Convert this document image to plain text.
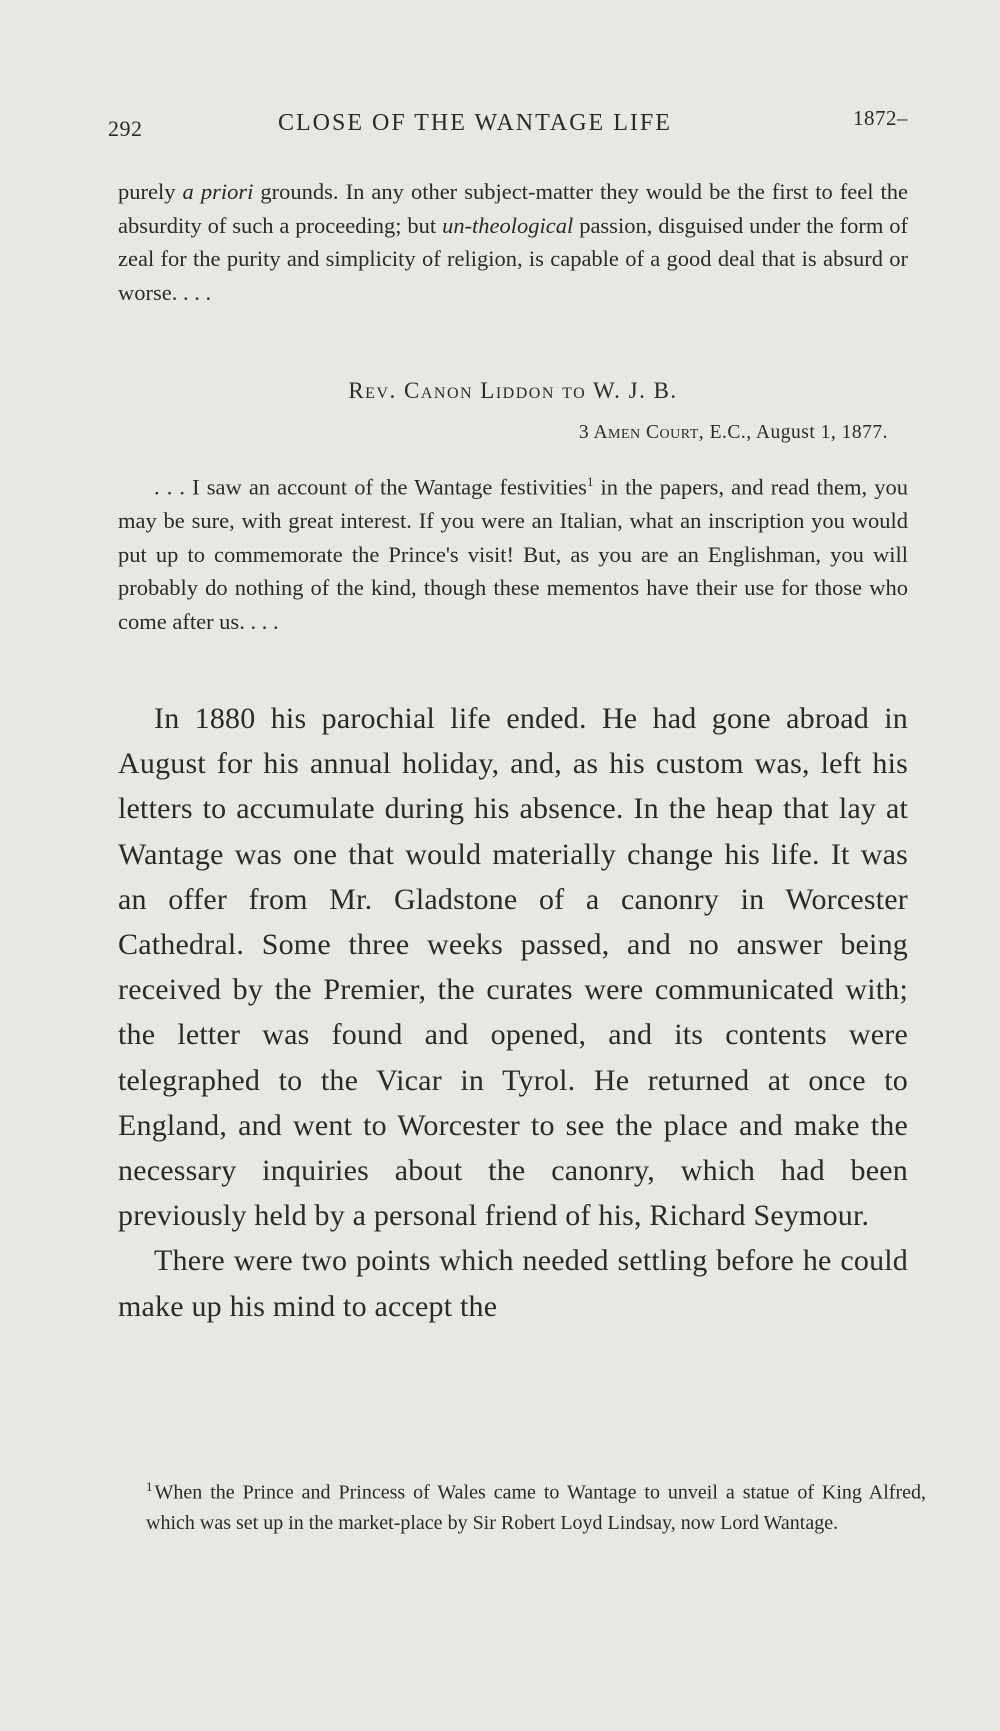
292	CLOSE OF THE WANTAGE LIFE	1872–

purely a priori grounds. In any other subject-matter they would be the first to feel the absurdity of such a proceeding; but un-theological passion, disguised under the form of zeal for the purity and simplicity of religion, is capable of a good deal that is absurd or worse. . . .

Rev. Canon Liddon to W. J. B.
3 Amen Court, E.C., August 1, 1877.

. . . I saw an account of the Wantage festivities$^1$ in the papers, and read them, you may be sure, with great interest. If you were an Italian, what an inscription you would put up to commemorate the Prince's visit! But, as you are an Englishman, you will probably do nothing of the kind, though these mementos have their use for those who come after us. . . .

In 1880 his parochial life ended. He had gone abroad in August for his annual holiday, and, as his custom was, left his letters to accumulate during his absence. In the heap that lay at Wantage was one that would materially change his life. It was an offer from Mr. Gladstone of a canonry in Worcester Cathedral. Some three weeks passed, and no answer being received by the Premier, the curates were communicated with; the letter was found and opened, and its contents were telegraphed to the Vicar in Tyrol. He returned at once to England, and went to Worcester to see the place and make the necessary inquiries about the canonry, which had been previously held by a personal friend of his, Richard Seymour.

There were two points which needed settling before he could make up his mind to accept the

$^1$ When the Prince and Princess of Wales came to Wantage to unveil a statue of King Alfred, which was set up in the market-place by Sir Robert Loyd Lindsay, now Lord Wantage.
